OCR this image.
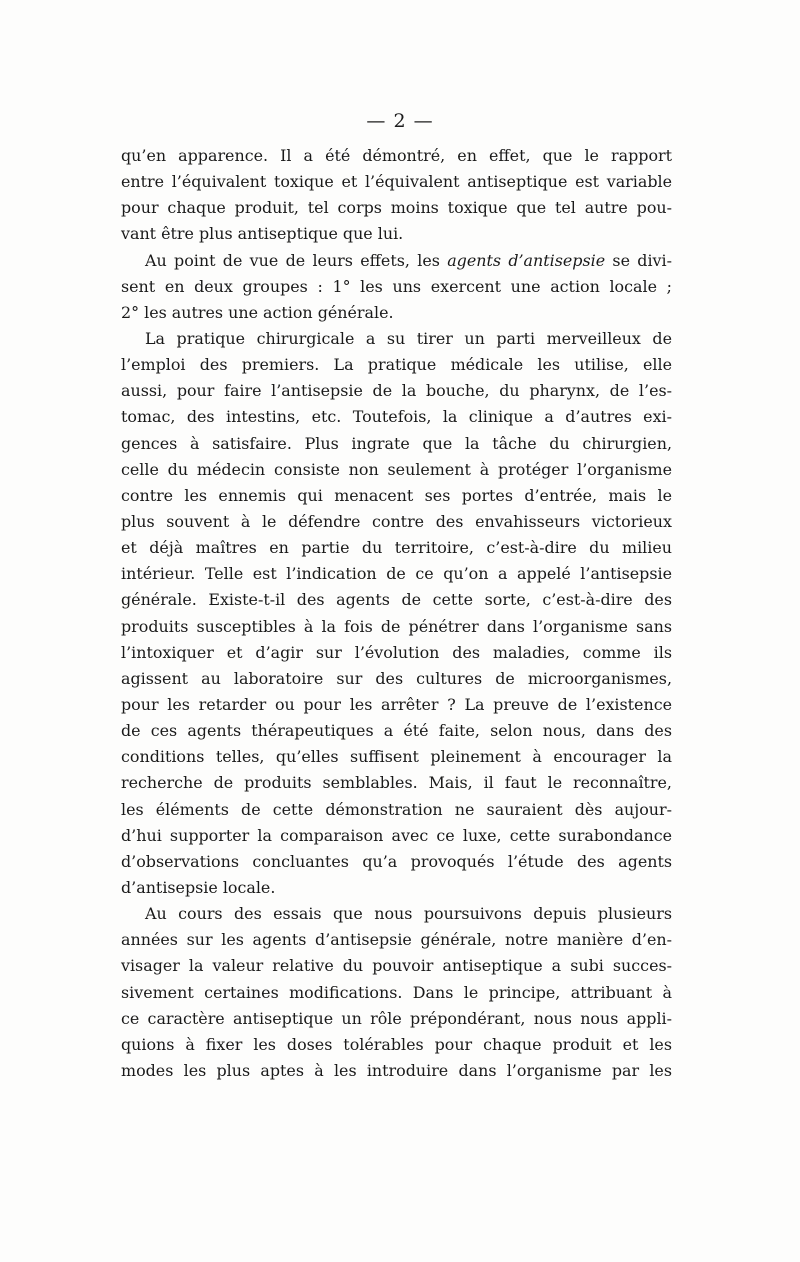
— 2 —
qu’en apparence. Il a été démontré, en effet, que le rapport
entre l’équivalent toxique et l’équivalent antiseptique est variable
pour chaque produit, tel corps moins toxique que tel autre pou-
vant être plus antiseptique que lui.
Au point de vue de leurs effets, les agents d’antisepsie se divi-
sent en deux groupes : 1° les uns exercent une action locale ;
2° les autres une action générale.
La pratique chirurgicale a su tirer un parti merveilleux de
l’emploi des premiers. La pratique médicale les utilise, elle
aussi, pour faire l’antisepsie de la bouche, du pharynx, de l’es-
tomac, des intestins, etc. Toutefois, la clinique a d’autres exi-
gences à satisfaire. Plus ingrate que la tâche du chirurgien,
celle du médecin consiste non seulement à protéger l’organisme
contre les ennemis qui menacent ses portes d’entrée, mais le
plus souvent à le défendre contre des envahisseurs victorieux
et déjà maîtres en partie du territoire, c’est-à-dire du milieu
intérieur. Telle est l’indication de ce qu’on a appelé l’antisepsie
générale. Existe-t-il des agents de cette sorte, c’est-à-dire des
produits susceptibles à la fois de pénétrer dans l’organisme sans
l’intoxiquer et d’agir sur l’évolution des maladies, comme ils
agissent au laboratoire sur des cultures de microorganismes,
pour les retarder ou pour les arrêter ? La preuve de l’existence
de ces agents thérapeutiques a été faite, selon nous, dans des
conditions telles, qu’elles suffisent pleinement à encourager la
recherche de produits semblables. Mais, il faut le reconnaître,
les éléments de cette démonstration ne sauraient dès aujour-
d’hui supporter la comparaison avec ce luxe, cette surabondance
d’observations concluantes qu’a provoqués l’étude des agents
d’antisepsie locale.
Au cours des essais que nous poursuivons depuis plusieurs
années sur les agents d’antisepsie générale, notre manière d’en-
visager la valeur relative du pouvoir antiseptique a subi succes-
sivement certaines modifications. Dans le principe, attribuant à
ce caractère antiseptique un rôle prépondérant, nous nous appli-
quions à fixer les doses tolérables pour chaque produit et les
modes les plus aptes à les introduire dans l’organisme par les
